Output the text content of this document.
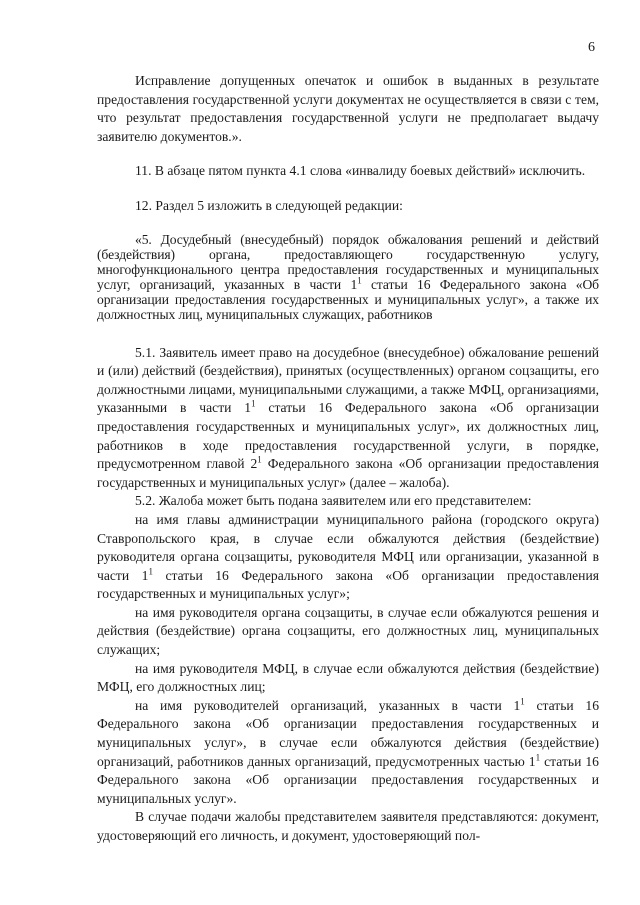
6

Исправление допущенных опечаток и ошибок в выданных в результате предоставления государственной услуги документах не осуществляется в связи с тем, что результат предоставления государственной услуги не предполагает выдачу заявителю документов.».

11. В абзаце пятом пункта 4.1 слова «инвалиду боевых действий» исключить.

12. Раздел 5 изложить в следующей редакции:

«5. Досудебный (внесудебный) порядок обжалования решений и действий (бездействия) органа, предоставляющего государственную услугу, многофункционального центра предоставления государственных и муниципальных услуг, организаций, указанных в части $1^1$ статьи 16 Федерального закона «Об организации предоставления государственных и муниципальных услуг», а также их должностных лиц, муниципальных служащих, работников

5.1. Заявитель имеет право на досудебное (внесудебное) обжалование решений и (или) действий (бездействия), принятых (осуществленных) органом соцзащиты, его должностными лицами, муниципальными служащими, а также МФЦ, организациями, указанными в части $1^1$ статьи 16 Федерального закона «Об организации предоставления государственных и муниципальных услуг», их должностных лиц, работников в ходе предоставления государственной услуги, в порядке, предусмотренном главой $2^1$ Федерального закона «Об организации предоставления государственных и муниципальных услуг» (далее – жалоба).

5.2. Жалоба может быть подана заявителем или его представителем:

на имя главы администрации муниципального района (городского округа) Ставропольского края, в случае если обжалуются действия (бездействие) руководителя органа соцзащиты, руководителя МФЦ или организации, указанной в части $1^1$ статьи 16 Федерального закона «Об организации предоставления государственных и муниципальных услуг»;

на имя руководителя органа соцзащиты, в случае если обжалуются решения и действия (бездействие) органа соцзащиты, его должностных лиц, муниципальных служащих;

на имя руководителя МФЦ, в случае если обжалуются действия (бездействие) МФЦ, его должностных лиц;

на имя руководителей организаций, указанных в части $1^1$ статьи 16 Федерального закона «Об организации предоставления государственных и муниципальных услуг», в случае если обжалуются действия (бездействие) организаций, работников данных организаций, предусмотренных частью $1^1$ статьи 16 Федерального закона «Об организации предоставления государственных и муниципальных услуг».

В случае подачи жалобы представителем заявителя представляются: документ, удостоверяющий его личность, и документ, удостоверяющий пол-
